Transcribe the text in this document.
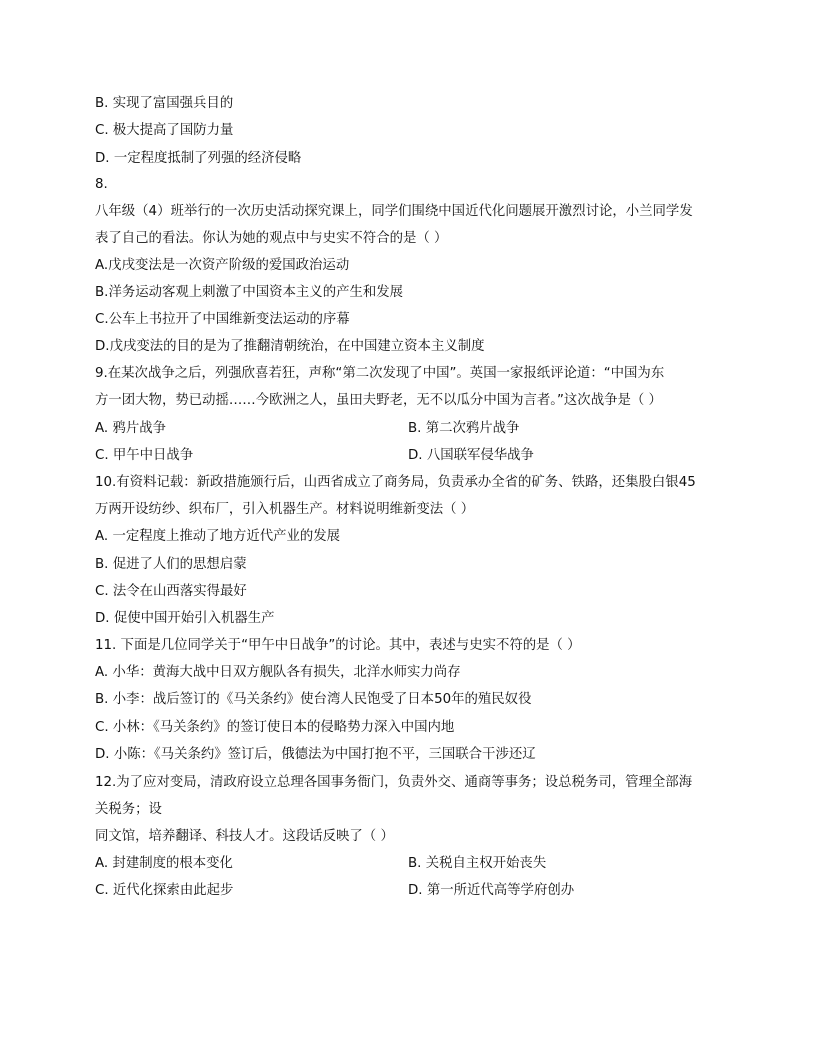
B. 实现了富国强兵目的

C. 极大提高了国防力量

D. 一定程度抵制了列强的经济侵略

8.

八年级（4）班举行的一次历史活动探究课上，同学们围绕中国近代化问题展开激烈讨论，小兰同学发

表了自己的看法。你认为她的观点中与史实不符合的是（ ）

A.戊戌变法是一次资产阶级的爱国政治运动

B.洋务运动客观上刺激了中国资本主义的产生和发展

C.公车上书拉开了中国维新变法运动的序幕

D.戊戌变法的目的是为了推翻清朝统治，在中国建立资本主义制度

9.在某次战争之后，列强欣喜若狂，声称“第二次发现了中国”。英国一家报纸评论道：“中国为东

方一团大物，势已动摇……今欧洲之人，虽田夫野老，无不以瓜分中国为言者。”这次战争是（ ）

A. 鸦片战争	B. 第二次鸦片战争

C. 甲午中日战争	D. 八国联军侵华战争

10.有资料记载：新政措施颁行后，山西省成立了商务局，负责承办全省的矿务、铁路，还集股白银45

万两开设纺纱、织布厂，引入机器生产。材料说明维新变法（ ）

A. 一定程度上推动了地方近代产业的发展

B. 促进了人们的思想启蒙

C. 法令在山西落实得最好

D. 促使中国开始引入机器生产

11. 下面是几位同学关于“甲午中日战争”的讨论。其中，表述与史实不符的是（ ）

A. 小华：黄海大战中日双方舰队各有损失，北洋水师实力尚存

B. 小李：战后签订的《马关条约》使台湾人民饱受了日本50年的殖民奴役

C. 小林：《马关条约》的签订使日本的侵略势力深入中国内地

D. 小陈：《马关条约》签订后，俄德法为中国打抱不平，三国联合干涉还辽

12.为了应对变局，清政府设立总理各国事务衙门，负责外交、通商等事务；设总税务司，管理全部海

关税务；设

同文馆，培养翻译、科技人才。这段话反映了（ ）

A. 封建制度的根本变化	B. 关税自主权开始丧失

C. 近代化探索由此起步	D. 第一所近代高等学府创办
